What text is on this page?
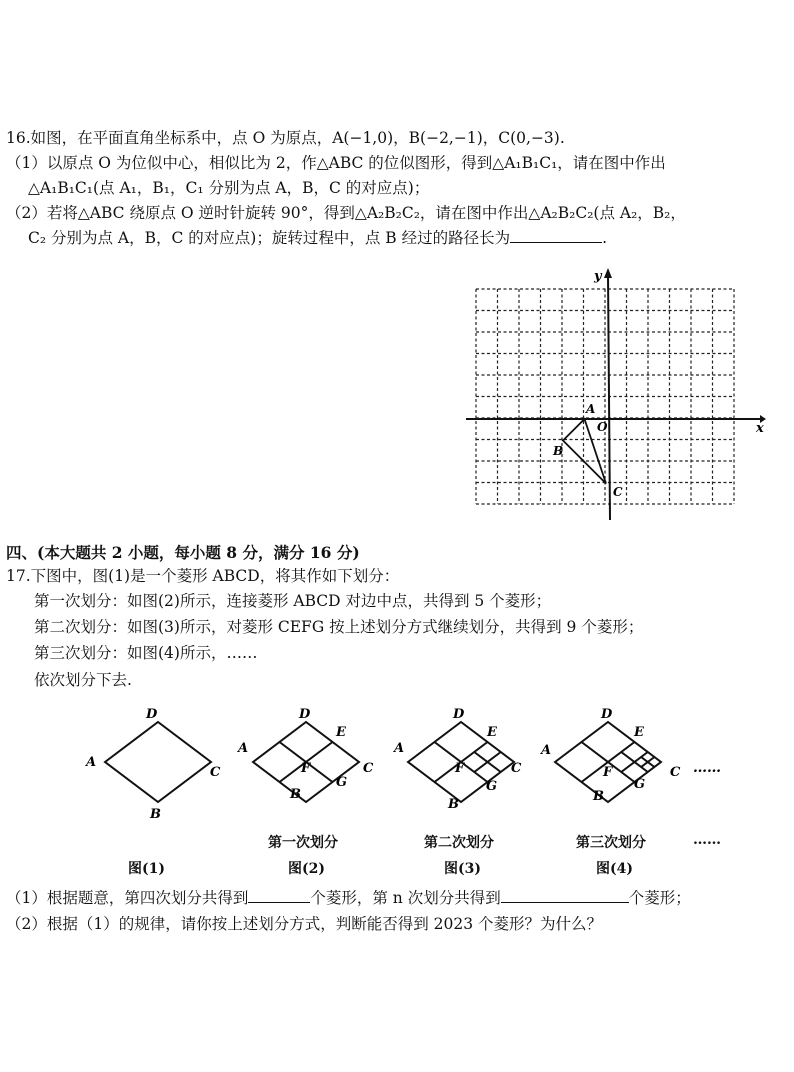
16.如图，在平面直角坐标系中，点 O 为原点，A(−1,0)，B(−2,−1)，C(0,−3).
（1）以原点 O 为位似中心，相似比为 2，作△ABC 的位似图形，得到△A₁B₁C₁，请在图中作出
△A₁B₁C₁(点 A₁，B₁，C₁ 分别为点 A，B，C 的对应点)；
（2）若将△ABC 绕原点 O 逆时针旋转 90°，得到△A₂B₂C₂，请在图中作出△A₂B₂C₂(点 A₂，B₂，
C₂ 分别为点 A，B，C 的对应点)；旋转过程中，点 B 经过的路径长为	.
x
y
O
A
B
C
四、(本大题共 2 小题，每小题 8 分，满分 16 分)
17.下图中，图(1)是一个菱形 ABCD，将其作如下划分：
第一次划分：如图(2)所示，连接菱形 ABCD 对边中点，共得到 5 个菱形；
第二次划分：如图(3)所示，对菱形 CEFG 按上述划分方式继续划分，共得到 9 个菱形；
第三次划分：如图(4)所示，……
依次划分下去.
A
D
C
B
A
D
E
F
G
C
B
A
D
E
F
G
C
B
A
D
E
F
G
C
B
……
第一次划分	第二次划分	第三次划分	……
图(1)	图(2)	图(3)	图(4)
（1）根据题意，第四次划分共得到	个菱形，第 n 次划分共得到	个菱形；
（2）根据（1）的规律，请你按上述划分方式，判断能否得到 2023 个菱形？为什么？
